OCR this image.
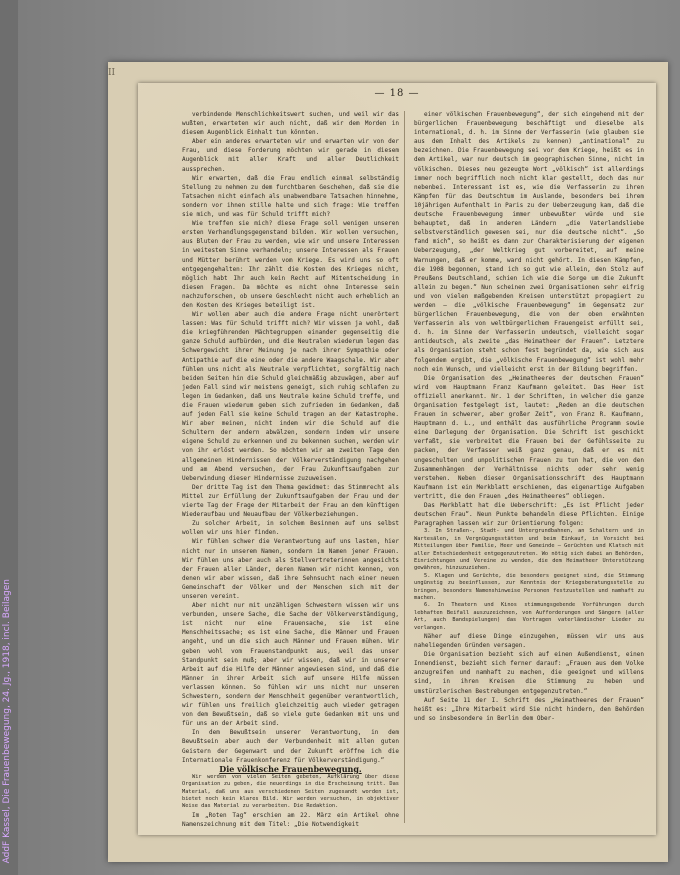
AddF Kassel, Die Frauenbewegung, 24. Jg., 1918, incl. Beilagen
II
— 18 —

verbindende Menschlichkeitswert suchen, und weil wir das wußten, erwarteten wir auch nicht, daß wir dem Morden in diesem Augenblick Einhalt tun könnten.

Aber ein anderes erwarteten wir und erwarten wir von der Frau, und diese Forderung möchten wir gerade in diesem Augenblick mit aller Kraft und aller Deutlichkeit aussprechen.

Wir erwarten, daß die Frau endlich einmal selbständig Stellung zu nehmen zu dem furchtbaren Geschehen, daß sie die Tatsachen nicht einfach als unabwendbare Tatsachen hinnehme, sondern vor ihnen stille halte und sich frage: Wie treffen sie mich, und was für Schuld trifft mich?

Wie treffen sie mich? diese Frage soll wenigen unseren ersten Verhandlungsgegenstand bilden. Wir wollen versuchen, aus Bluten der Frau zu werden, wie wir und unsere Interessen in weitestem Sinne verhandeln; unsere Interessen als Frauen und Mütter berührt werden vom Kriege. Es wird uns so oft entgegengehalten: Ihr zählt die Kosten des Krieges nicht, möglich habt Ihr auch kein Recht auf Mitentscheidung in diesen Fragen. Da möchte es nicht ohne Interesse sein nachzuforschen, ob unsere Geschlecht nicht auch erheblich an den Kosten des Krieges beteiligt ist.

Wir wollen aber auch die andere Frage nicht unerörtert lassen: Was für Schuld trifft mich? Wir wissen ja wohl, daß die kriegführenden Mächtegruppen einander gegenseitig die ganze Schuld aufbürden, und die Neutralen wiederum legen das Schwergewicht ihrer Meinung je nach ihrer Sympathie oder Antipathie auf die eine oder die andere Waagschale. Wir aber fühlen uns nicht als Neutrale verpflichtet, sorgfältig nach beiden Seiten hin die Schuld gleichmäßig abzuwägen, aber auf jeden Fall sind wir meistens geneigt, sich ruhig schlafen zu legen im Gedanken, daß uns Neutrale keine Schuld treffe, und die Frauen wiederum geben sich zufrieden im Gedanken, daß auf jeden Fall sie keine Schuld tragen an der Katastrophe. Wir aber meinen, nicht indem wir die Schuld auf die Schultern der andern abwälzen, sondern indem wir unsere eigene Schuld zu erkennen und zu bekennen suchen, werden wir von ihr erlöst werden. So möchten wir am zweiten Tage den allgemeinen Hindernissen der Völkerverständigung nachgehen und am Abend versuchen, der Frau Zukunftsaufgaben zur Ueberwindung dieser Hindernisse zuzuweisen.

Der dritte Tag ist dem Thema gewidmet: das Stimmrecht als Mittel zur Erfüllung der Zukunftsaufgaben der Frau und der vierte Tag der Frage der Mitarbeit der Frau an dem künftigen Wiederaufbau und Neuaufbau der Völkerbeziehungen.

Zu solcher Arbeit, in solchem Besinnen auf uns selbst wollen wir uns hier finden.

Wir fühlen schwer die Verantwortung auf uns lasten, hier nicht nur in unserem Namen, sondern im Namen jener Frauen. Wir fühlen uns aber auch als Stellvertreterinnen angesichts der Frauen aller Länder, deren Namen wir nicht kennen, von denen wir aber wissen, daß ihre Sehnsucht nach einer neuen Gemeinschaft der Völker und der Menschen sich mit der unseren vereint.

Aber nicht nur mit unzähligen Schwestern wissen wir uns verbunden, unsere Sache, die Sache der Völkerverständigung, ist nicht nur eine Frauensache, sie ist eine Menschheitssache; es ist eine Sache, die Männer und Frauen angeht, und um die sich auch Männer und Frauen mühen. Wir geben wohl vom Frauenstandpunkt aus, weil das unser Standpunkt sein muß; aber wir wissen, daß wir in unserer Arbeit auf die Hilfe der Männer angewiesen sind, und daß die Männer in ihrer Arbeit sich auf unsere Hilfe müssen verlassen können. So fühlen wir uns nicht nur unseren Schwestern, sondern der Menschheit gegenüber verantwortlich, wir fühlen uns freilich gleichzeitig auch wieder getragen von dem Bewußtsein, daß so viele gute Gedanken mit uns und für uns an der Arbeit sind.

In dem Bewußtsein unserer Verantwortung, in dem Bewußtsein aber auch der Verbundenheit mit allen guten Geistern der Gegenwart und der Zukunft eröffne ich die Internationale Frauenkonferenz für Völkerverständigung.“

Die völkische Frauenbewegung.

Wir werden von vielen Seiten gebeten, Aufklärung über diese Organisation zu geben, die neuerdings in die Erscheinung tritt. Das Material, daß uns aus verschiedenen Seiten zugesandt worden ist, bietet noch kein klares Bild. Wir werden versuchen, in objektiver Weise das Material zu verarbeiten. Die Redaktion.

Im „Roten Tag“ erschien am 22. März ein Artikel ohne Namenszeichnung mit dem Titel: „Die Notwendigkeit

einer völkischen Frauenbewegung“, der sich eingehend mit der bürgerlichen Frauenbewegung beschäftigt und dieselbe als international, d. h. im Sinne der Verfasserin (wie glauben sie aus dem Inhalt des Artikels zu kennen) „antinational“ zu bezeichnen. Die Frauenbewegung sei vor dem Kriege, heißt es in dem Artikel, war nur deutsch im geographischen Sinne, nicht im völkischen. Dieses neu gezeugte Wort „völkisch“ ist allerdings immer noch begrifflich noch nicht klar gestellt, doch das nur nebenbei. Interessant ist es, wie die Verfasserin zu ihren Kämpfen für das Deutschtum im Auslande, besonders bei ihrem 10jährigen Aufenthalt in Paris zu der Ueberzeugung kam, daß die deutsche Frauenbewegung immer unbewußter würde und sie behauptet, daß in anderen Ländern „die Vaterlandsliebe selbstverständlich gewesen sei, nur die deutsche nicht“. „So fand mich“, so heißt es dann zur Charakterisierung der eigenen Ueberzeugung, „der Weltkrieg gut vorbereitet, auf meine Warnungen, daß er komme, ward nicht gehört. In diesen Kämpfen, die 1908 begonnen, stand ich so gut wie allein, den Stolz auf Preußens Deutschland, schien ich wie die Sorge um die Zukunft allein zu begen.“ Nun scheinen zwei Organisationen sehr eifrig und von vielen maßgebenden Kreisen unterstützt propagiert zu werden — die „völkische Frauenbewegung“ im Gegensatz zur bürgerlichen Frauenbewegung, die von der oben erwähnten Verfasserin als von weltbürgerlichem Frauengeist erfüllt sei, d. h. im Sinne der Verfasserin undeutsch, vielleicht sogar antideutsch, als zweite „das Heimatheer der Frauen“. Letztere als Organisation steht schon fest begründet da, wie sich aus folgendem ergibt, die „völkische Frauenbewegung“ ist wohl mehr noch ein Wunsch, und vielleicht erst in der Bildung begriffen.

Die Organisation des „Heimatheeres der deutschen Frauen“ wird vom Hauptmann Franz Kaufmann geleitet. Das Heer ist offiziell anerkannt. Nr. 1 der Schriften, in welcher die ganze Organisation festgelegt ist, lautet: „Reden an die deutschen Frauen in schwerer, aber großer Zeit“, von Franz R. Kaufmann, Hauptmann d. L., und enthält das ausführliche Programm sowie eine Darlegung der Organisation. Die Schrift ist geschickt verfaßt, sie verbreitet die Frauen bei der Gefühlsseite zu packen, der Verfasser weiß ganz genau, daß er es mit ungeschulten und unpolitischen Frauen zu tun hat, die von den Zusammenhängen der Verhältnisse nichts oder sehr wenig verstehen. Neben dieser Organisationsschrift des Hauptmann Kaufmann ist ein Merkblatt erschienen, das eigenartige Aufgaben vertritt, die den Frauen „des Heimatheeres“ obliegen.

Das Merkblatt hat die Ueberschrift: „Es ist Pflicht jeder deutschen Frau“. Neun Punkte behandeln diese Pflichten. Einige Paragraphen lassen wir zur Orientierung folgen:

3. In Straßen-, Stadt- und Untergrundbahnen, an Schaltern und in Wartesälen, in Vergnügungsstätten und beim Einkauf, in Vorsicht bei Mitteilungen über Familie, Heer und Gemeinde — Gerüchten und Klatsch mit aller Entschiedenheit entgegenzutreten. Wo nötig sich dabei an Behörden, Einrichtungen und Vereine zu wenden, die dem Heimatheer Unterstützung gewähren, hinzuzuziehen.

5. Klagen und Gerüchte, die besonders geeignet sind, die Stimmung ungünstig zu beeinflussen, zur Kenntnis der Kriegsberatungsstelle zu bringen, besonders Namenshinweise Personen festzustellen und namhaft zu machen.

6. In Theatern und Kinos stimmungsgebende Vorführungen durch lebhaften Beifall auszuzeichnen, von Aufforderungen und Sängern (aller Art, auch Bandspielungen) das Vortragen vaterländischer Lieder zu verlangen.

Näher auf diese Dinge einzugehen, müssen wir uns aus naheliegenden Gründen versagen.

Die Organisation bezieht sich auf einen Außendienst, einen Innendienst, bezieht sich ferner darauf: „Frauen aus dem Volke anzugreifen und namhaft zu machen, die geeignet und willens sind, in ihren Kreisen die Stimmung zu heben und umstürzlerischen Bestrebungen entgegenzutreten.“

Auf Seite 11 der I. Schrift des „Heimatheeres der Frauen“ heißt es: „Ihre Mitarbeit wird Sie nicht hindern, den Behörden und so insbesondere in Berlin dem Ober-
